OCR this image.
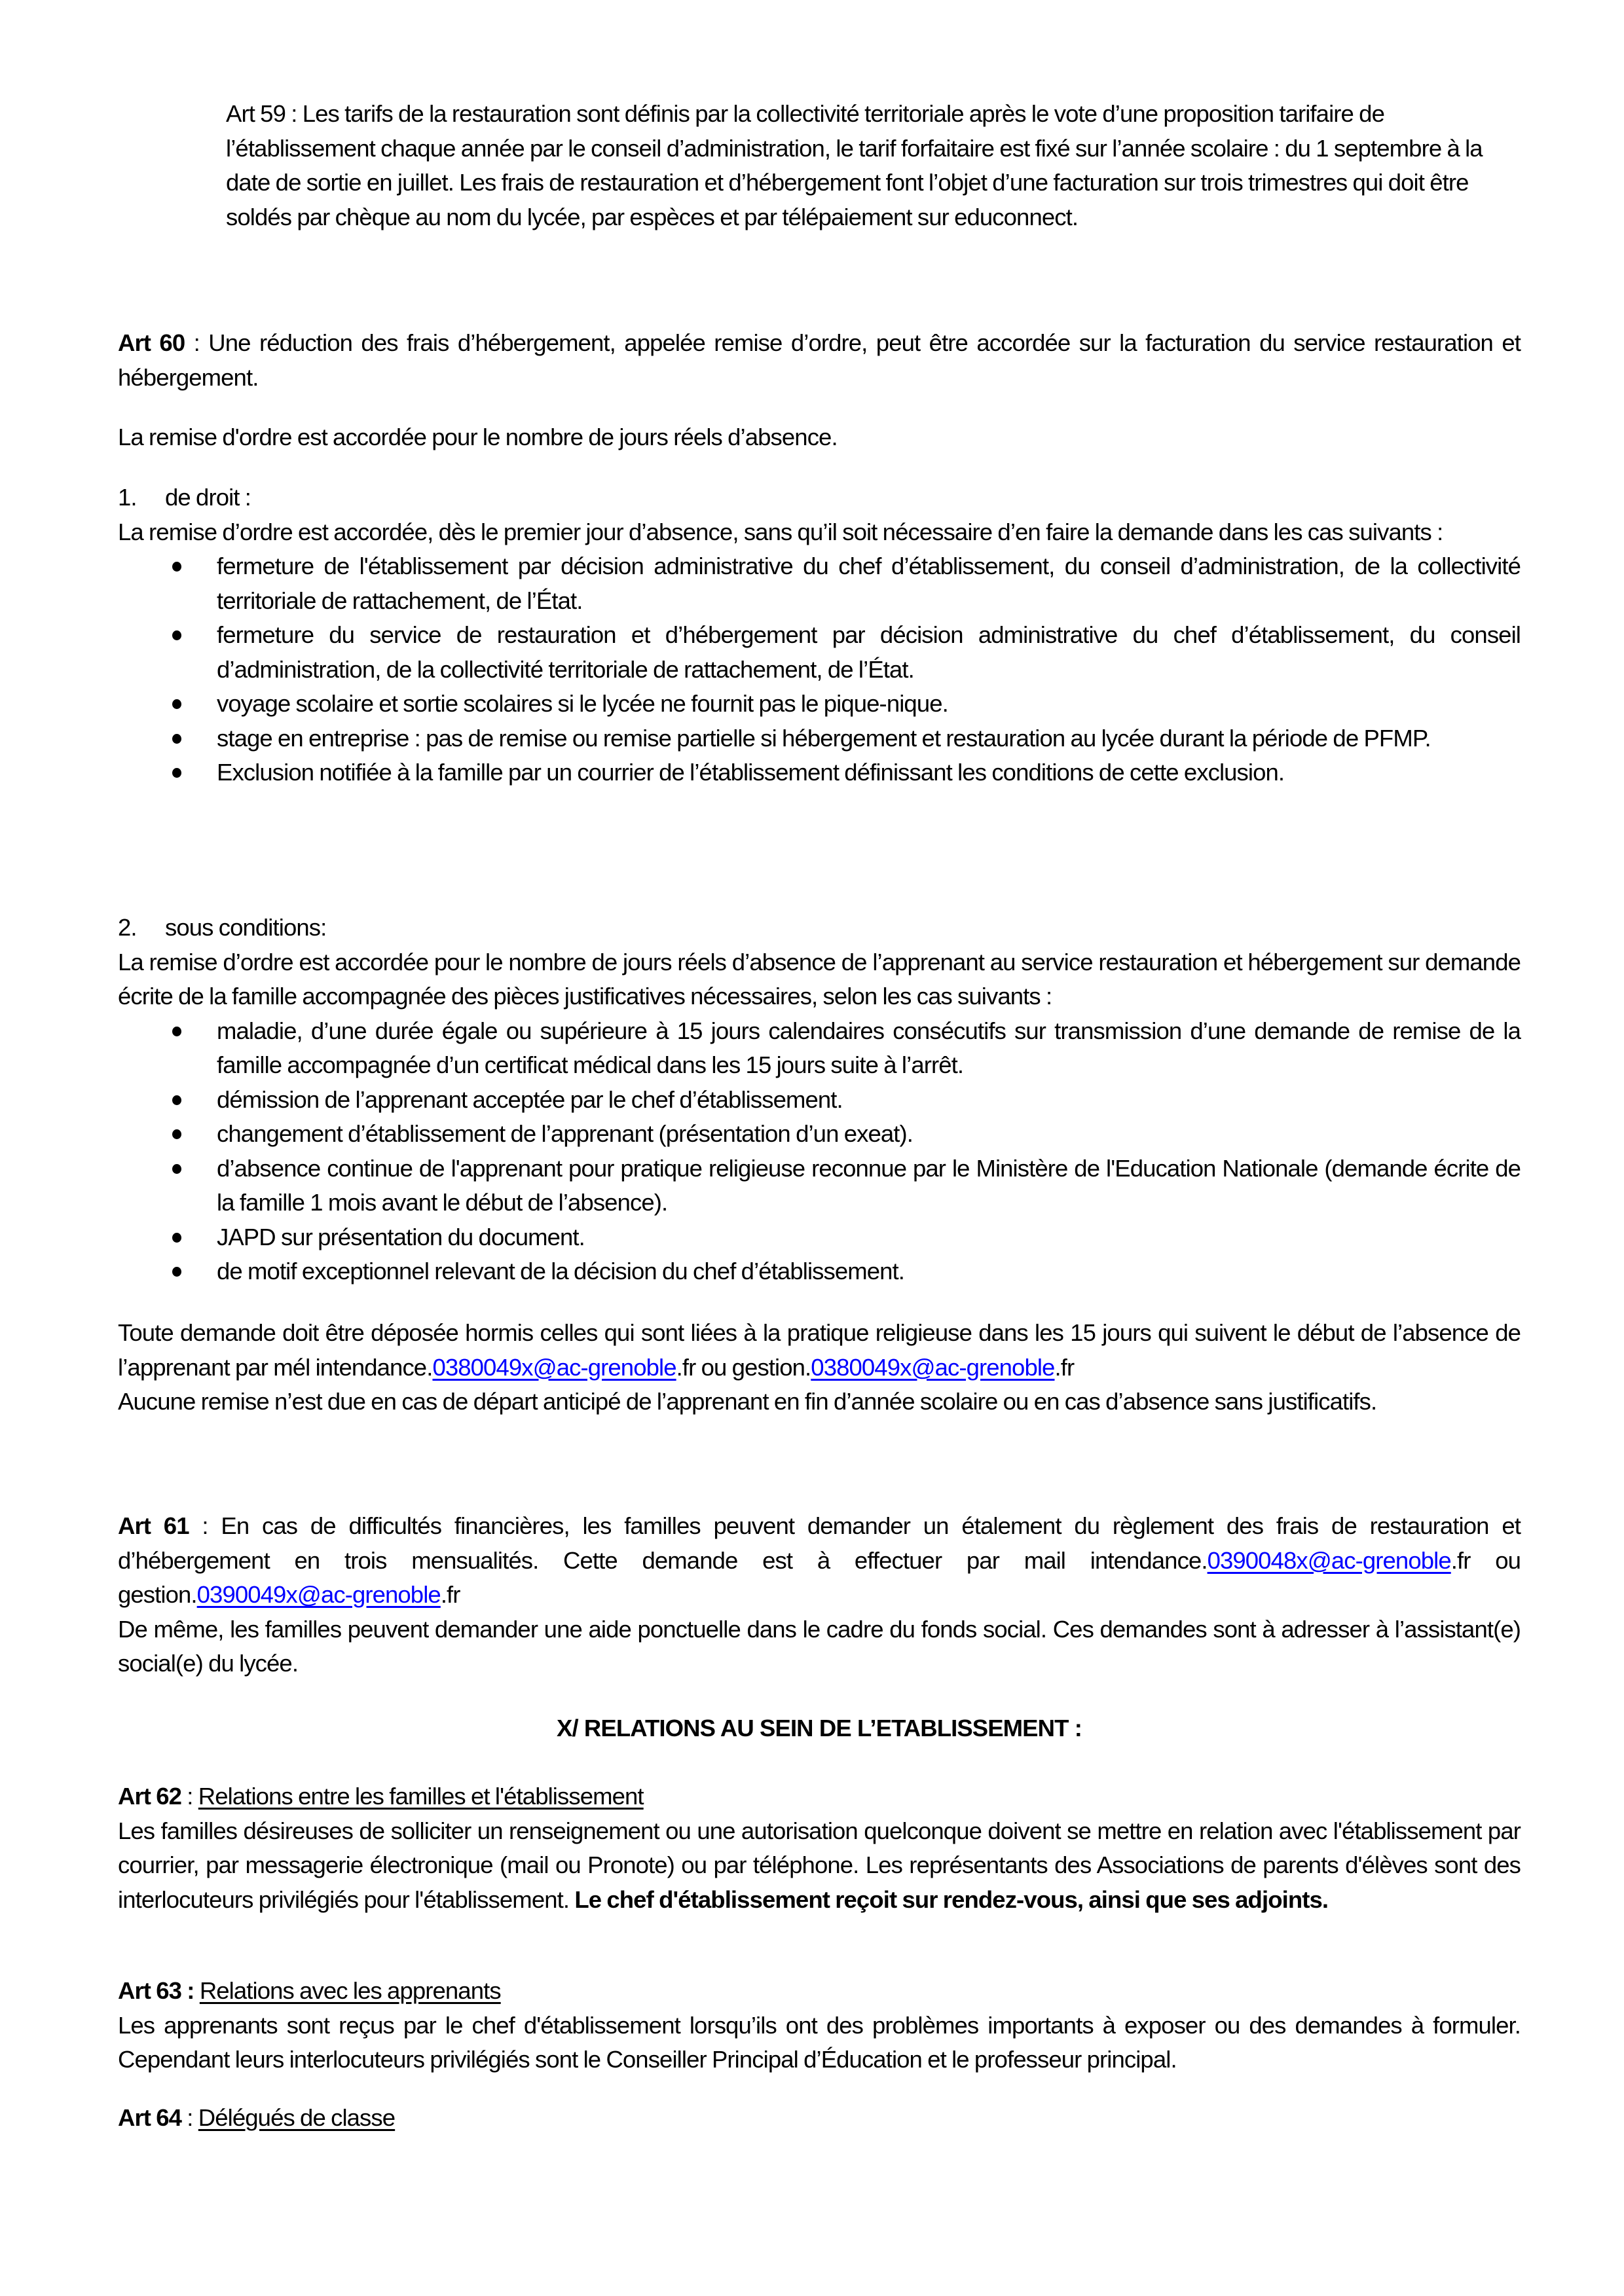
Art 59 : Les tarifs de la restauration sont définis par la collectivité territoriale après le vote d’une proposition tarifaire de l’établissement chaque année par le conseil d’administration, le tarif forfaitaire est fixé sur l’année scolaire : du 1 septembre à la date de sortie en juillet. Les frais de restauration et d’hébergement font l’objet d’une facturation sur trois trimestres qui doit être soldés par chèque au nom du lycée, par espèces et par télépaiement sur educonnect.

Art 60 : Une réduction des frais d’hébergement, appelée remise d’ordre, peut être accordée sur la facturation du service restauration et hébergement.

La remise d'ordre est accordée pour le nombre de jours réels d’absence.

1.	de droit :

La remise d’ordre est accordée, dès le premier jour d’absence, sans qu’il soit nécessaire d’en faire la demande dans les cas suivants :

fermeture de l'établissement par décision administrative du chef d’établissement, du conseil d’administration, de la collectivité territoriale de rattachement, de l’État.
fermeture du service de restauration et d’hébergement par décision administrative du chef d’établissement, du conseil d’administration, de la collectivité territoriale de rattachement, de l’État.
voyage scolaire et sortie scolaires si le lycée ne fournit pas le pique-nique.
stage en entreprise : pas de remise ou remise partielle si hébergement et restauration au lycée durant la période de PFMP.
Exclusion notifiée à la famille par un courrier de l’établissement définissant les conditions de cette exclusion.
2.	sous conditions:

La remise d’ordre est accordée pour le nombre de jours réels d’absence de l’apprenant au service restauration et hébergement sur demande écrite de la famille accompagnée des pièces justificatives nécessaires, selon les cas suivants :

maladie, d’une durée égale ou supérieure à 15 jours calendaires consécutifs sur transmission d’une demande de remise de la famille accompagnée d’un certificat médical dans les 15 jours suite à l’arrêt.
démission de l’apprenant acceptée par le chef d’établissement.
changement d’établissement de l’apprenant (présentation d’un exeat).
d’absence continue de l'apprenant pour pratique religieuse reconnue par le Ministère de l'Education Nationale (demande écrite de la famille 1 mois avant le début de l’absence).
JAPD sur présentation du document.
de motif exceptionnel relevant de la décision du chef d’établissement.

Toute demande doit être déposée hormis celles qui sont liées à la pratique religieuse dans les 15 jours qui suivent le début de l’absence de l’apprenant par mél intendance.0380049x@ac-grenoble.fr ou gestion.0380049x@ac-grenoble.fr

Aucune remise n’est due en cas de départ anticipé de l’apprenant en fin d’année scolaire ou en cas d’absence sans justificatifs.

Art 61 : En cas de difficultés financières, les familles peuvent demander un étalement du règlement des frais de restauration et d’hébergement en trois mensualités. Cette demande est à effectuer par mail intendance.0390048x@ac-grenoble.fr ou gestion.0390049x@ac-grenoble.fr

De même, les familles peuvent demander une aide ponctuelle dans le cadre du fonds social. Ces demandes sont à adresser à l’assistant(e) social(e) du lycée.

X/ RELATIONS AU SEIN DE L’ETABLISSEMENT :

Art 62 : Relations entre les familles et l'établissement

Les familles désireuses de solliciter un renseignement ou une autorisation quelconque doivent se mettre en relation avec l'établissement par courrier, par messagerie électronique (mail ou Pronote) ou par téléphone. Les représentants des Associations de parents d'élèves sont des interlocuteurs privilégiés pour l'établissement. Le chef d'établissement reçoit sur rendez-vous, ainsi que ses adjoints.

Art 63 : Relations avec les apprenants

Les apprenants sont reçus par le chef d'établissement lorsqu’ils ont des problèmes importants à exposer ou des demandes à formuler. Cependant leurs interlocuteurs privilégiés sont le Conseiller Principal d’Éducation et le professeur principal.

Art 64 : Délégués de classe
